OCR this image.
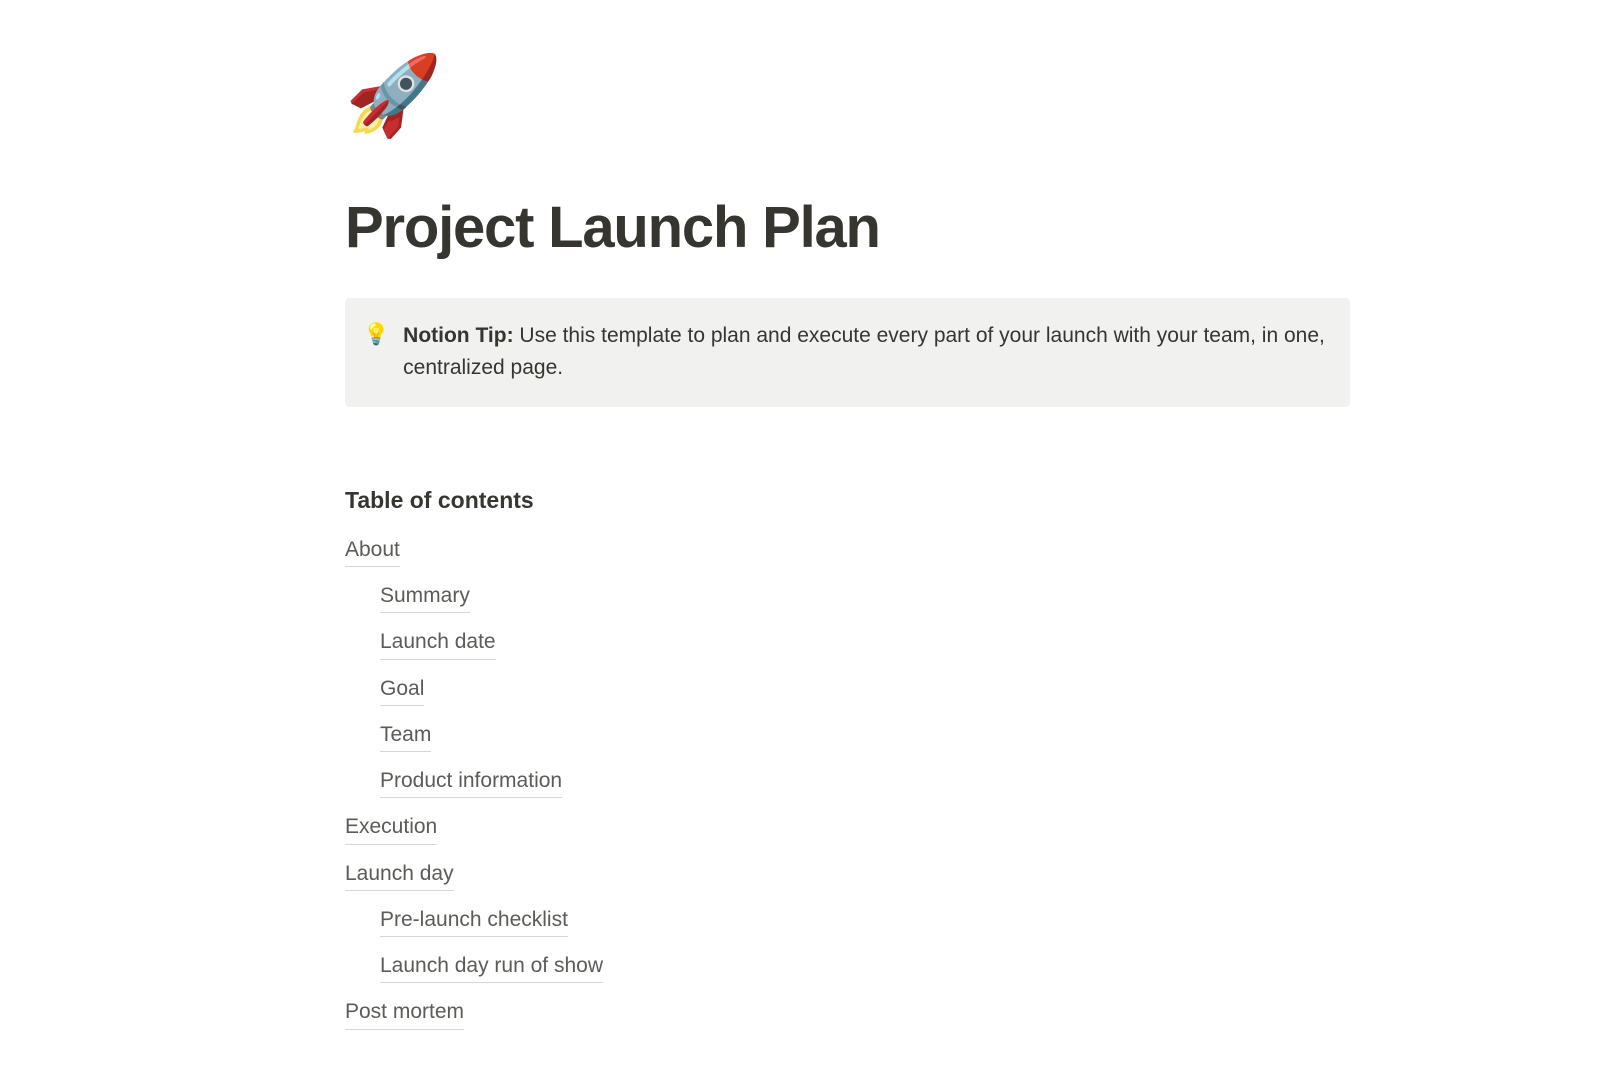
🚀
Project Launch Plan
💡 Notion Tip: Use this template to plan and execute every part of your launch with your team, in one, centralized page.
Table of contents
About
Summary
Launch date
Goal
Team
Product information
Execution
Launch day
Pre-launch checklist
Launch day run of show
Post mortem
